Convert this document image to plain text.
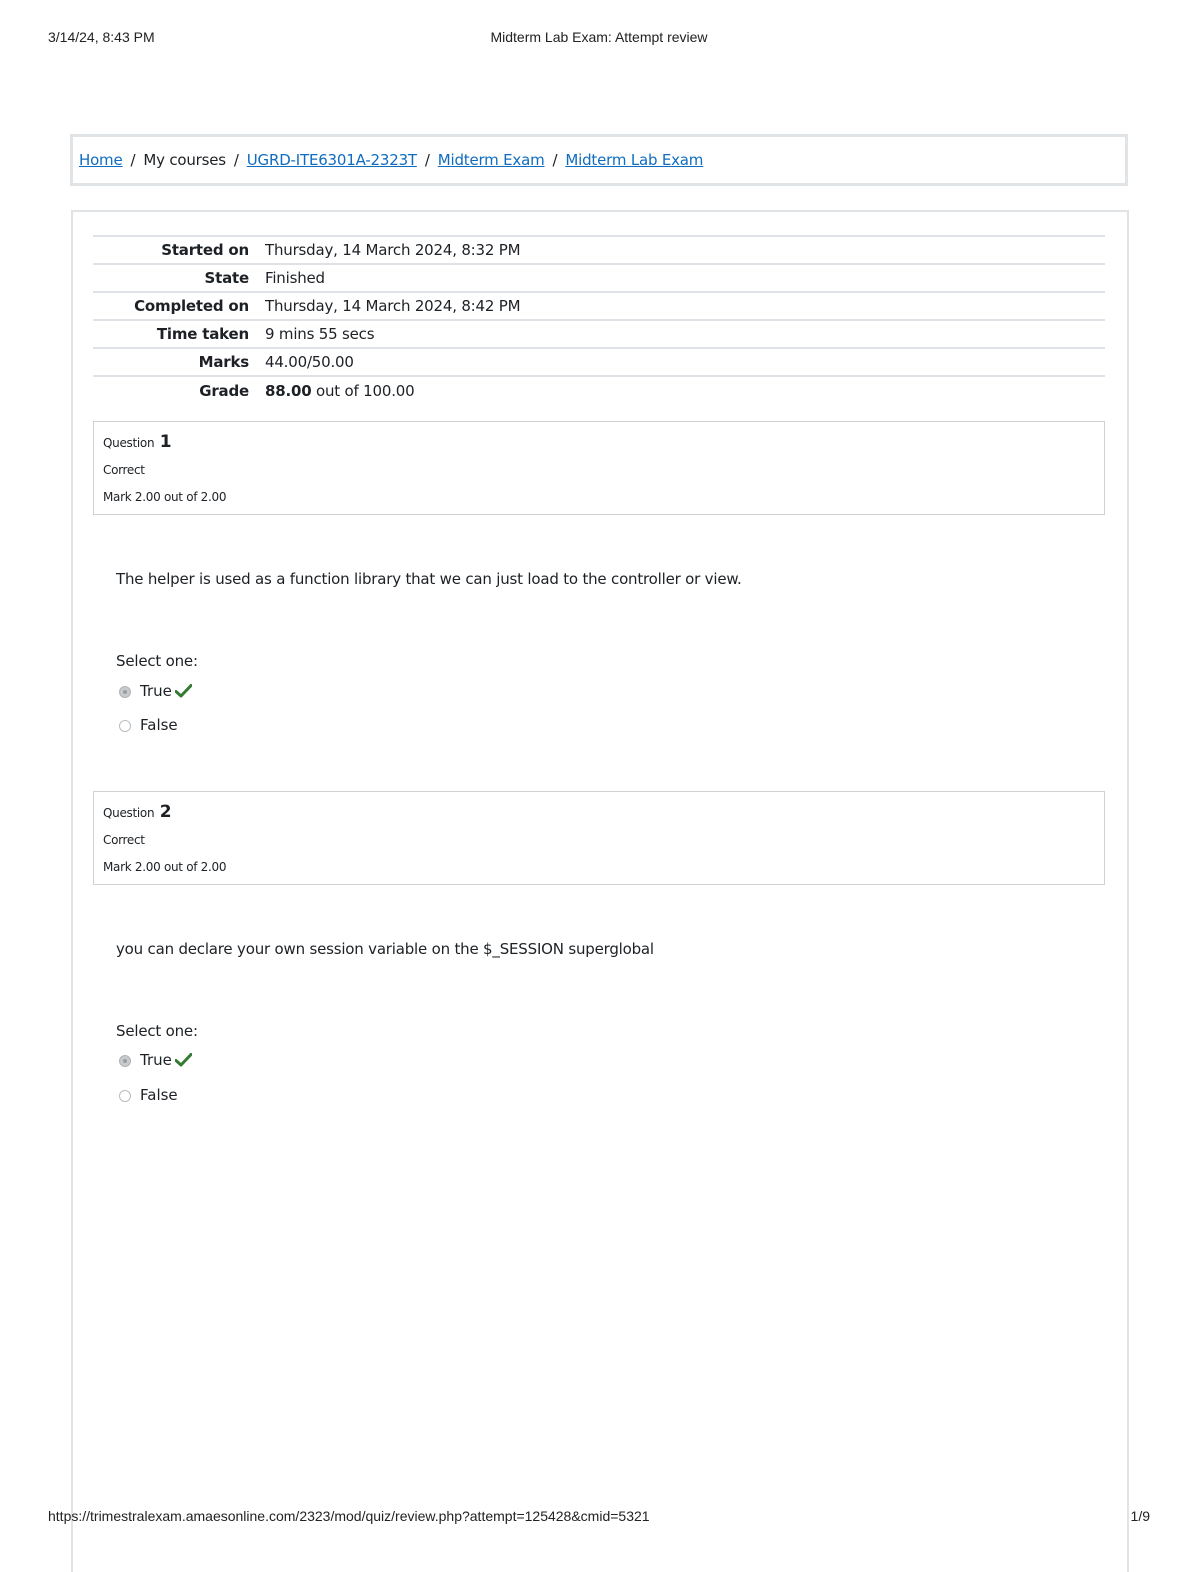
3/14/24, 8:43 PM	Midterm Lab Exam: Attempt review
Home / My courses / UGRD-ITE6301A-2323T / Midterm Exam / Midterm Lab Exam
Started on	Thursday, 14 March 2024, 8:32 PM
State	Finished
Completed on	Thursday, 14 March 2024, 8:42 PM
Time taken	9 mins 55 secs
Marks	44.00/50.00
Grade	88.00 out of 100.00
Question 1
Correct
Mark 2.00 out of 2.00
The helper is used as a function library that we can just load to the controller or view.
Select one:
True
False
Question 2
Correct
Mark 2.00 out of 2.00
you can declare your own session variable on the $_SESSION superglobal
Select one:
True
False
https://trimestralexam.amaesonline.com/2323/mod/quiz/review.php?attempt=125428&cmid=5321	1/9
